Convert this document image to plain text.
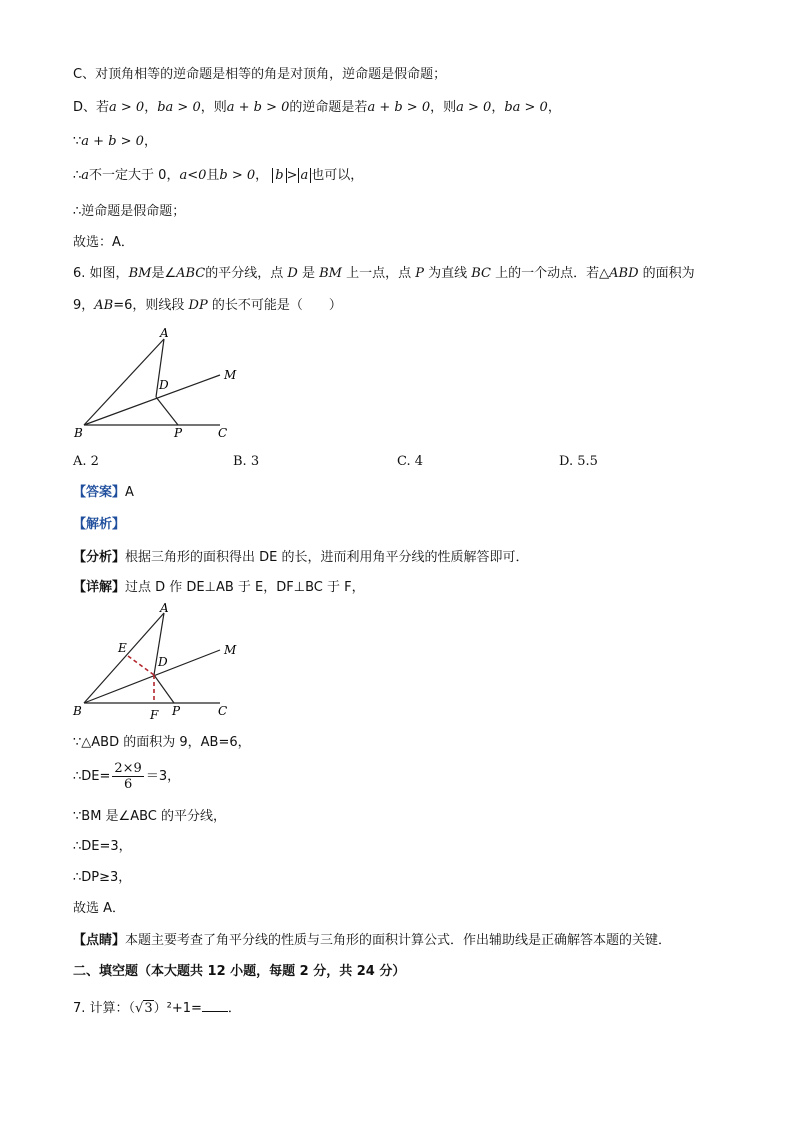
C、对顶角相等的逆命题是相等的角是对顶角，逆命题是假命题；
D、若a > 0，ba > 0，则a + b > 0的逆命题是若a + b > 0，则a > 0，ba > 0，
∵a + b > 0，
∴a不一定大于 0，a<0且b > 0， b > a 也可以，
∴逆命题是假命题；
故选：A．
6. 如图，BM是∠ABC的平分线，点 D 是 BM 上一点，点 P 为直线 BC 上的一个动点．若△ABD 的面积为
9，AB=6，则线段 DP 的长不可能是（　　）
A
B	C
D
M
P
A. 2	B. 3	C. 4	D. 5.5
【答案】A
【解析】
【分析】根据三角形的面积得出 DE 的长，进而利用角平分线的性质解答即可．
【详解】过点 D 作 DE⊥AB 于 E，DF⊥BC 于 F，
A
B	C
D
M
P
E
F
∵△ABD 的面积为 9，AB=6，
∴DE= $\frac{2\times 9}{6} =3$，
∵BM 是∠ABC 的平分线，
∴DE=3，
∴DP≥3，
故选 A．
【点睛】本题主要考查了角平分线的性质与三角形的面积计算公式．作出辅助线是正确解答本题的关键．
二、填空题（本大题共 12 小题，每题 2 分，共 24 分）
7. 计算：（√3）²+1= ．
